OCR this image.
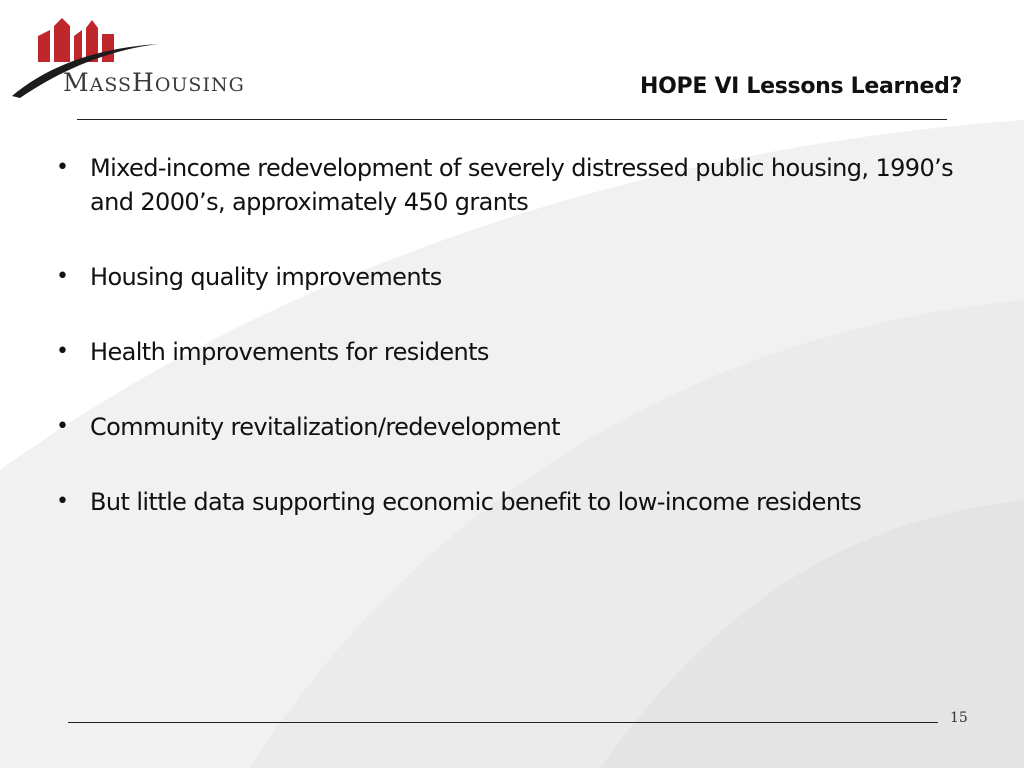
MASSHOUSING	HOPE VI Lessons Learned?
• Mixed-income redevelopment of severely distressed public housing, 1990’s and 2000’s, approximately 450 grants
• Housing quality improvements
• Health improvements for residents
• Community revitalization/redevelopment
• But little data supporting economic benefit to low-income residents
15
